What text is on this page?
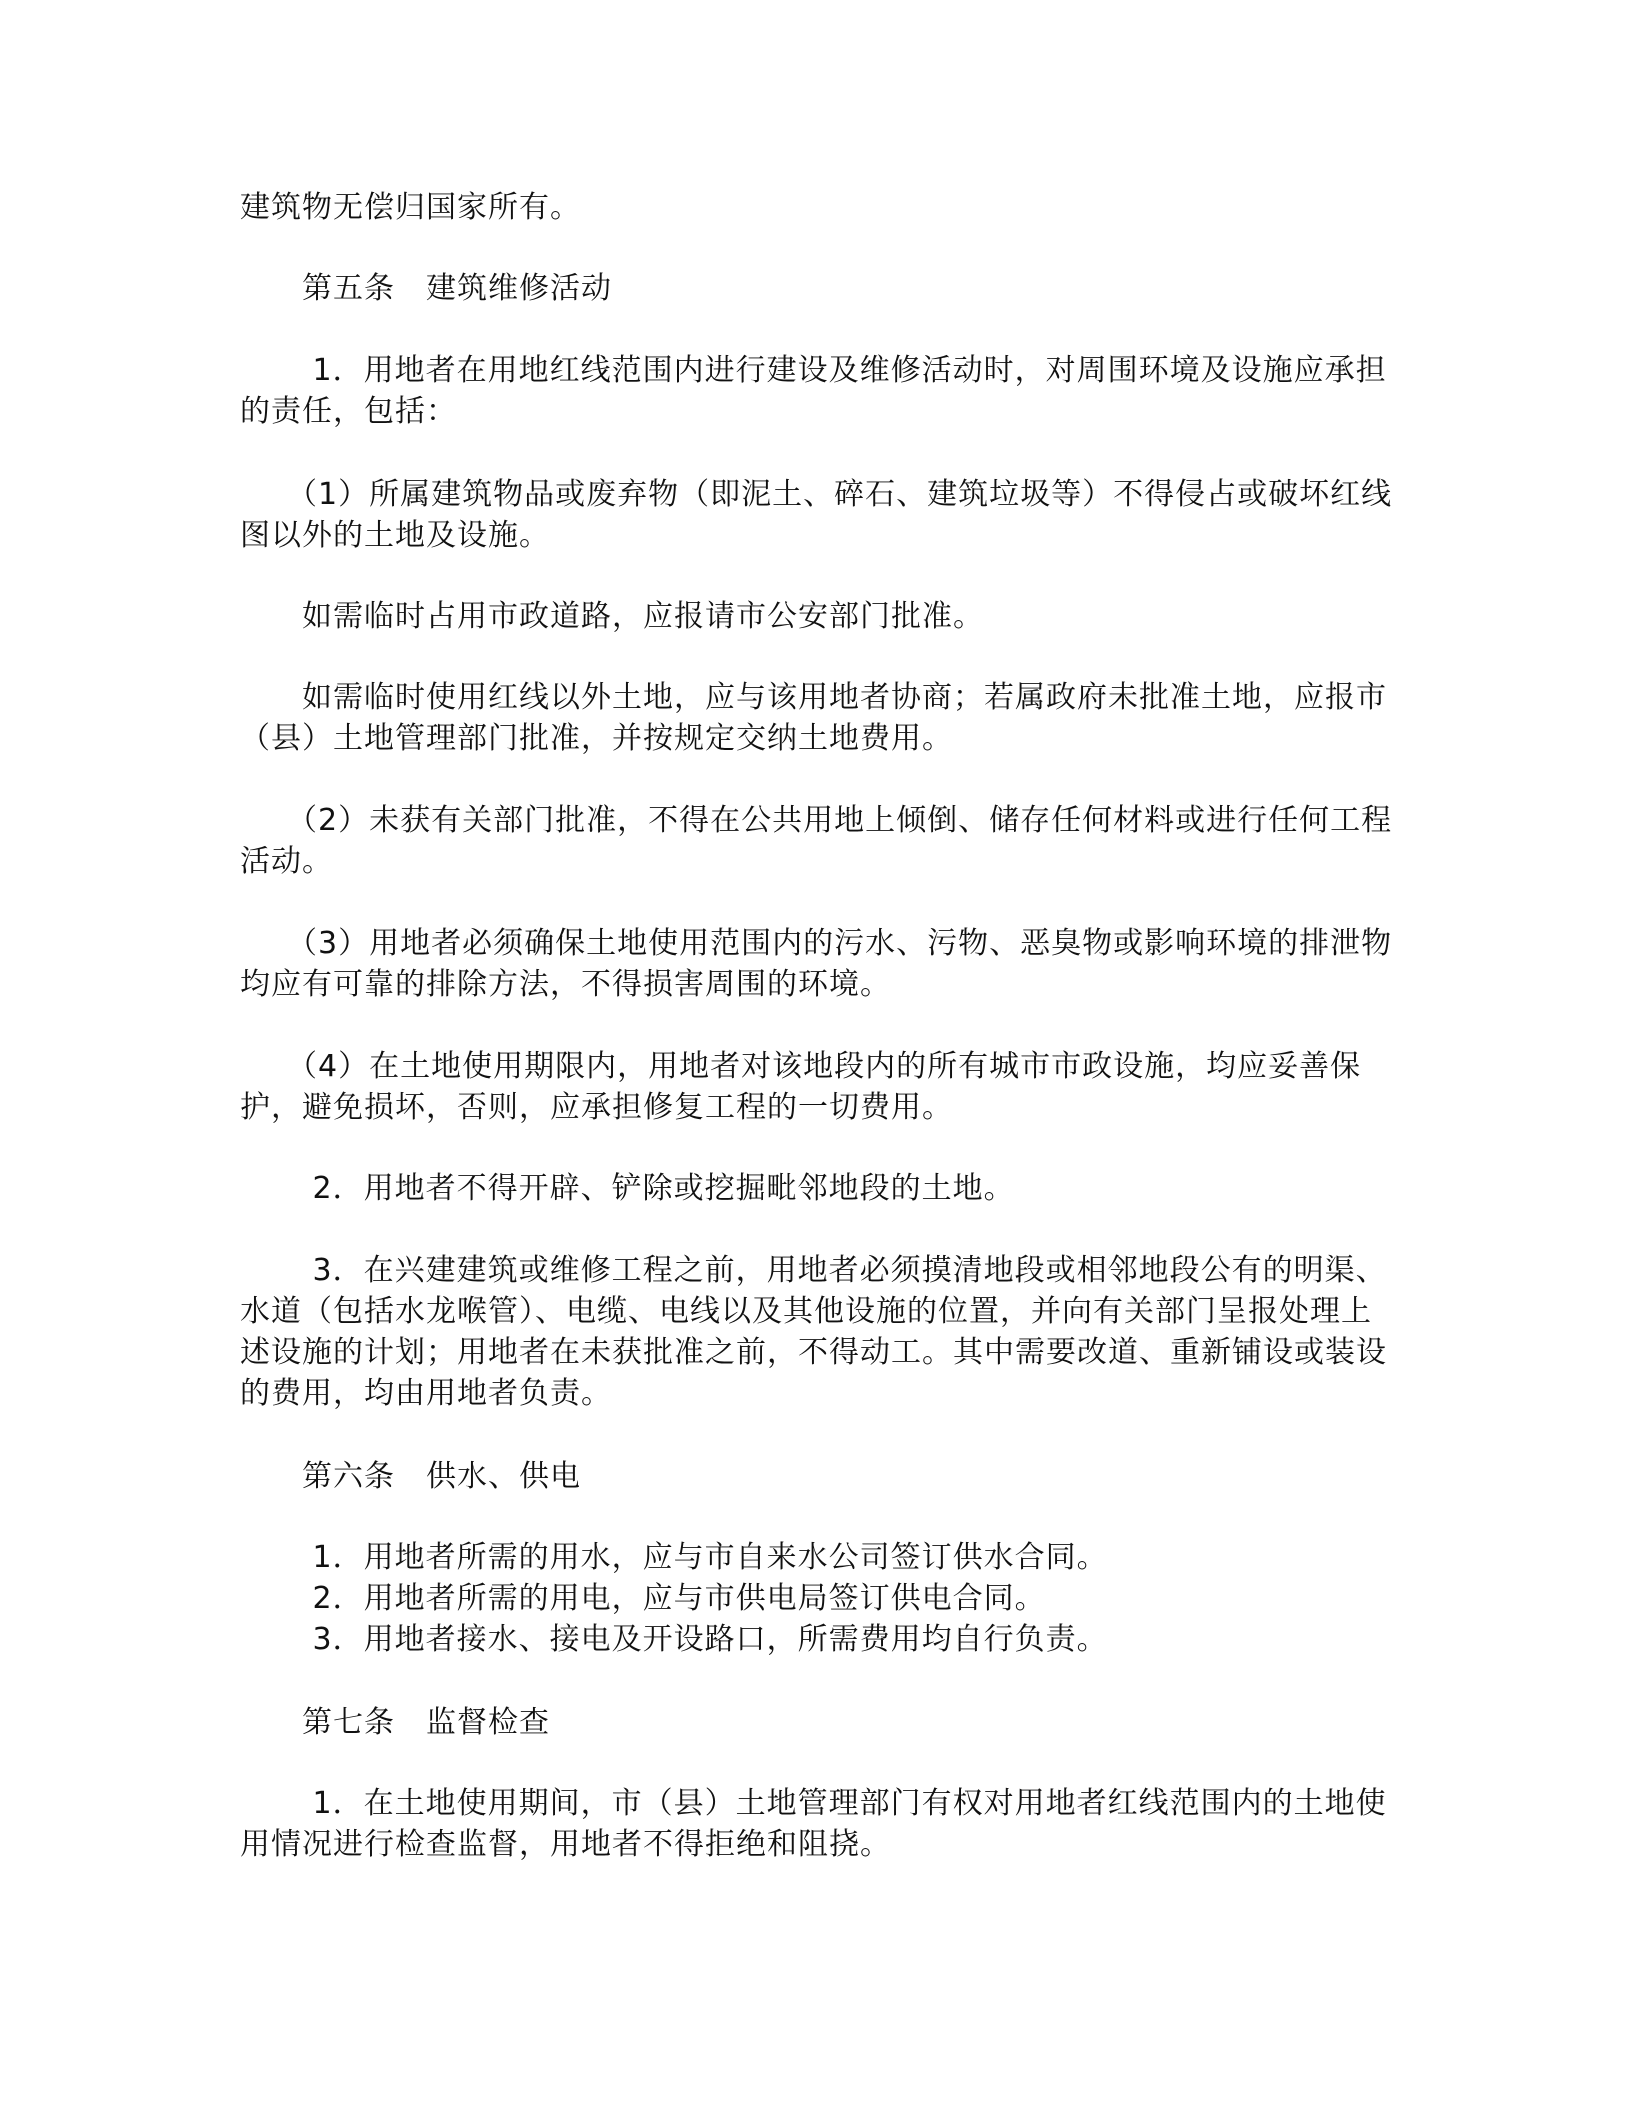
建筑物无偿归国家所有。

　　第五条　建筑维修活动

　　 1．用地者在用地红线范围内进行建设及维修活动时，对周围环境及设施应承担的责任，包括：

　　（1）所属建筑物品或废弃物（即泥土、碎石、建筑垃圾等）不得侵占或破坏红线图以外的土地及设施。

　　如需临时占用市政道路，应报请市公安部门批准。

　　如需临时使用红线以外土地，应与该用地者协商；若属政府未批准土地，应报市（县）土地管理部门批准，并按规定交纳土地费用。

　　（2）未获有关部门批准，不得在公共用地上倾倒、储存任何材料或进行任何工程活动。

　　（3）用地者必须确保土地使用范围内的污水、污物、恶臭物或影响环境的排泄物均应有可靠的排除方法，不得损害周围的环境。

　　（4）在土地使用期限内，用地者对该地段内的所有城市市政设施，均应妥善保护，避免损坏，否则，应承担修复工程的一切费用。

　　 2．用地者不得开辟、铲除或挖掘毗邻地段的土地。

　　 3．在兴建建筑或维修工程之前，用地者必须摸清地段或相邻地段公有的明渠、水道（包括水龙喉管）、电缆、电线以及其他设施的位置，并向有关部门呈报处理上述设施的计划；用地者在未获批准之前，不得动工。其中需要改道、重新铺设或装设的费用，均由用地者负责。

　　第六条　供水、供电

　　 1．用地者所需的用水，应与市自来水公司签订供水合同。
　　 2．用地者所需的用电，应与市供电局签订供电合同。
　　 3．用地者接水、接电及开设路口，所需费用均自行负责。

　　第七条　监督检查

　　 1．在土地使用期间，市（县）土地管理部门有权对用地者红线范围内的土地使用情况进行检查监督，用地者不得拒绝和阻挠。
